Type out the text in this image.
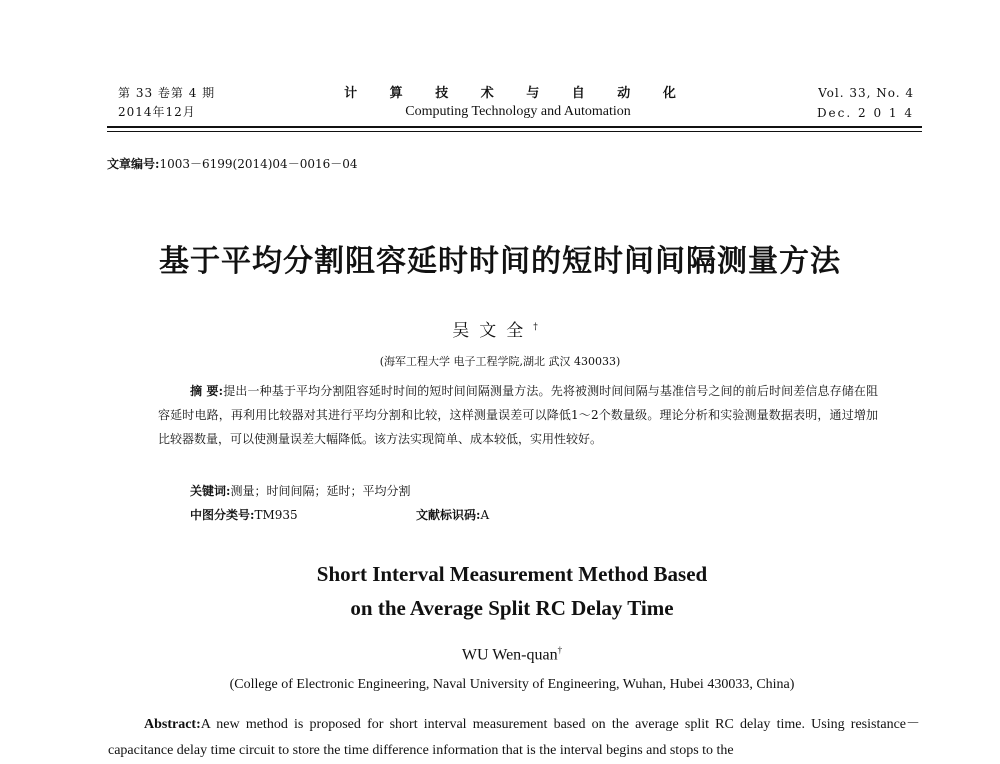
第 33 卷第 4 期
2014年12月
计 算 技 术 与 自 动 化
Computing Technology and Automation
Vol. 33, No. 4
Dec. 2 0 1 4
文章编号:1003－6199(2014)04－0016－04
基于平均分割阻容延时时间的短时间间隔测量方法
吴文全†
(海军工程大学 电子工程学院,湖北 武汉 430033)
摘 要:提出一种基于平均分割阻容延时时间的短时间间隔测量方法。先将被测时间间隔与基准信号之间的前后时间差信息存储在阻容延时电路，再利用比较器对其进行平均分割和比较，这样测量误差可以降低1～2个数量级。理论分析和实验测量数据表明，通过增加比较器数量，可以使测量误差大幅降低。该方法实现简单、成本较低，实用性较好。
关键词:测量；时间间隔；延时；平均分割
中图分类号:TM935	文献标识码:A
Short Interval Measurement Method Based
on the Average Split RC Delay Time
WU Wen-quan†
(College of Electronic Engineering, Naval University of Engineering, Wuhan, Hubei 430033, China)
Abstract:A new method is proposed for short interval measurement based on the average split RC delay time. Using resistance－capacitance delay time circuit to store the time difference information that is the interval begins and stops to the
